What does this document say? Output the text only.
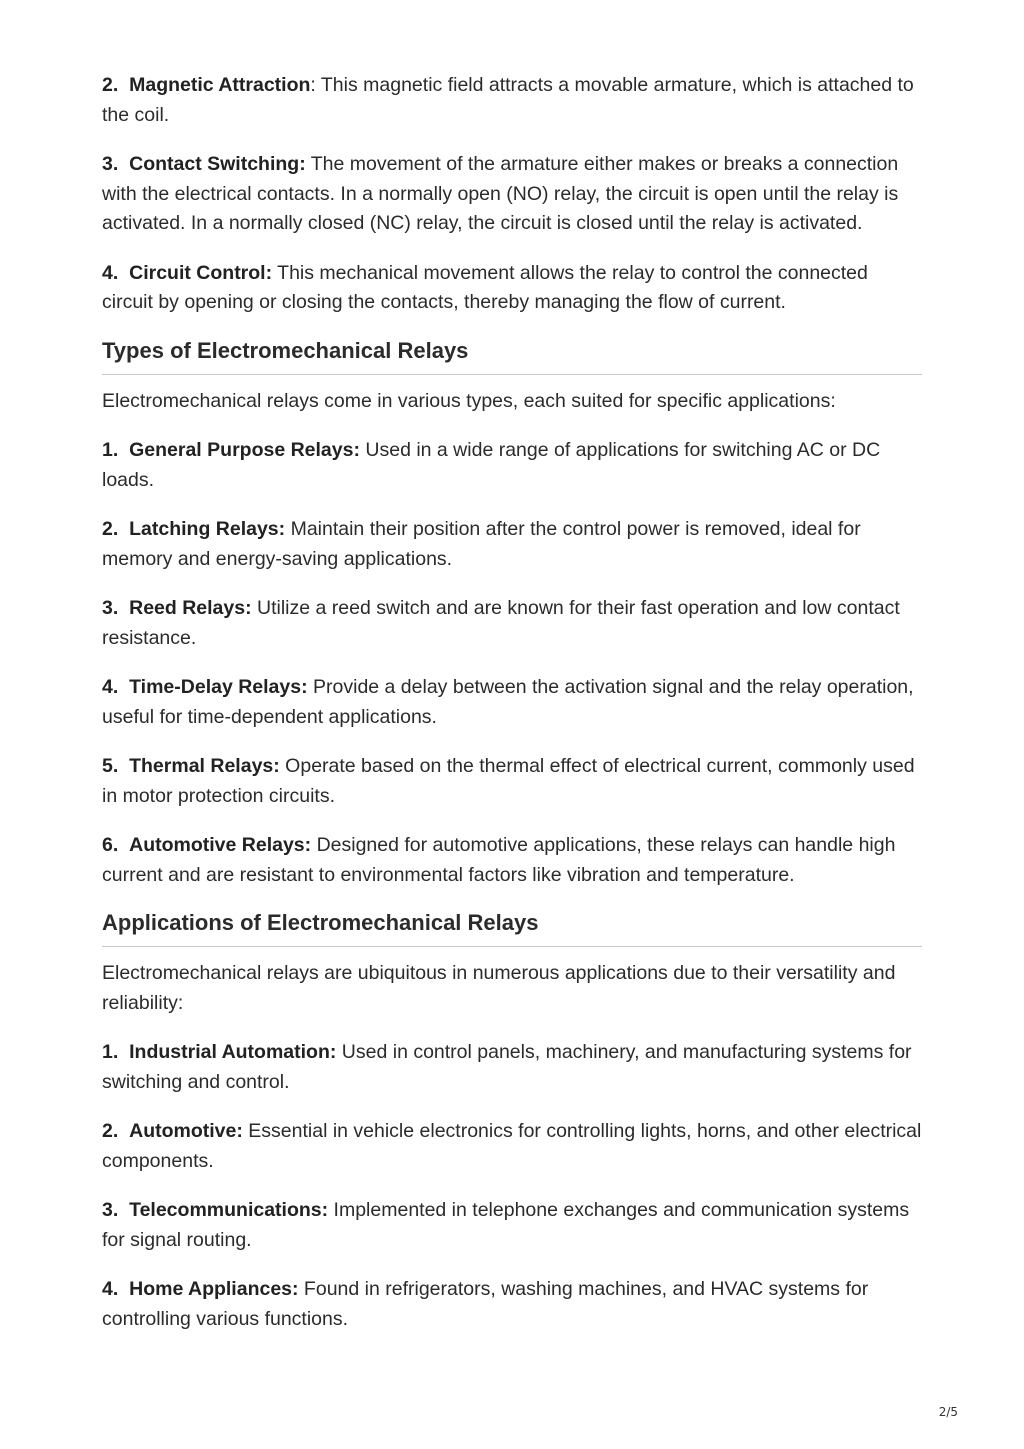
2. Magnetic Attraction: This magnetic field attracts a movable armature, which is attached to the coil.

3. Contact Switching: The movement of the armature either makes or breaks a connection with the electrical contacts. In a normally open (NO) relay, the circuit is open until the relay is activated. In a normally closed (NC) relay, the circuit is closed until the relay is activated.

4. Circuit Control: This mechanical movement allows the relay to control the connected circuit by opening or closing the contacts, thereby managing the flow of current.

Types of Electromechanical Relays

Electromechanical relays come in various types, each suited for specific applications:

1. General Purpose Relays: Used in a wide range of applications for switching AC or DC loads.

2. Latching Relays: Maintain their position after the control power is removed, ideal for memory and energy-saving applications.

3. Reed Relays: Utilize a reed switch and are known for their fast operation and low contact resistance.

4. Time-Delay Relays: Provide a delay between the activation signal and the relay operation, useful for time-dependent applications.

5. Thermal Relays: Operate based on the thermal effect of electrical current, commonly used in motor protection circuits.

6. Automotive Relays: Designed for automotive applications, these relays can handle high current and are resistant to environmental factors like vibration and temperature.

Applications of Electromechanical Relays

Electromechanical relays are ubiquitous in numerous applications due to their versatility and reliability:

1. Industrial Automation: Used in control panels, machinery, and manufacturing systems for switching and control.

2. Automotive: Essential in vehicle electronics for controlling lights, horns, and other electrical components.

3. Telecommunications: Implemented in telephone exchanges and communication systems for signal routing.

4. Home Appliances: Found in refrigerators, washing machines, and HVAC systems for controlling various functions.

2/5
